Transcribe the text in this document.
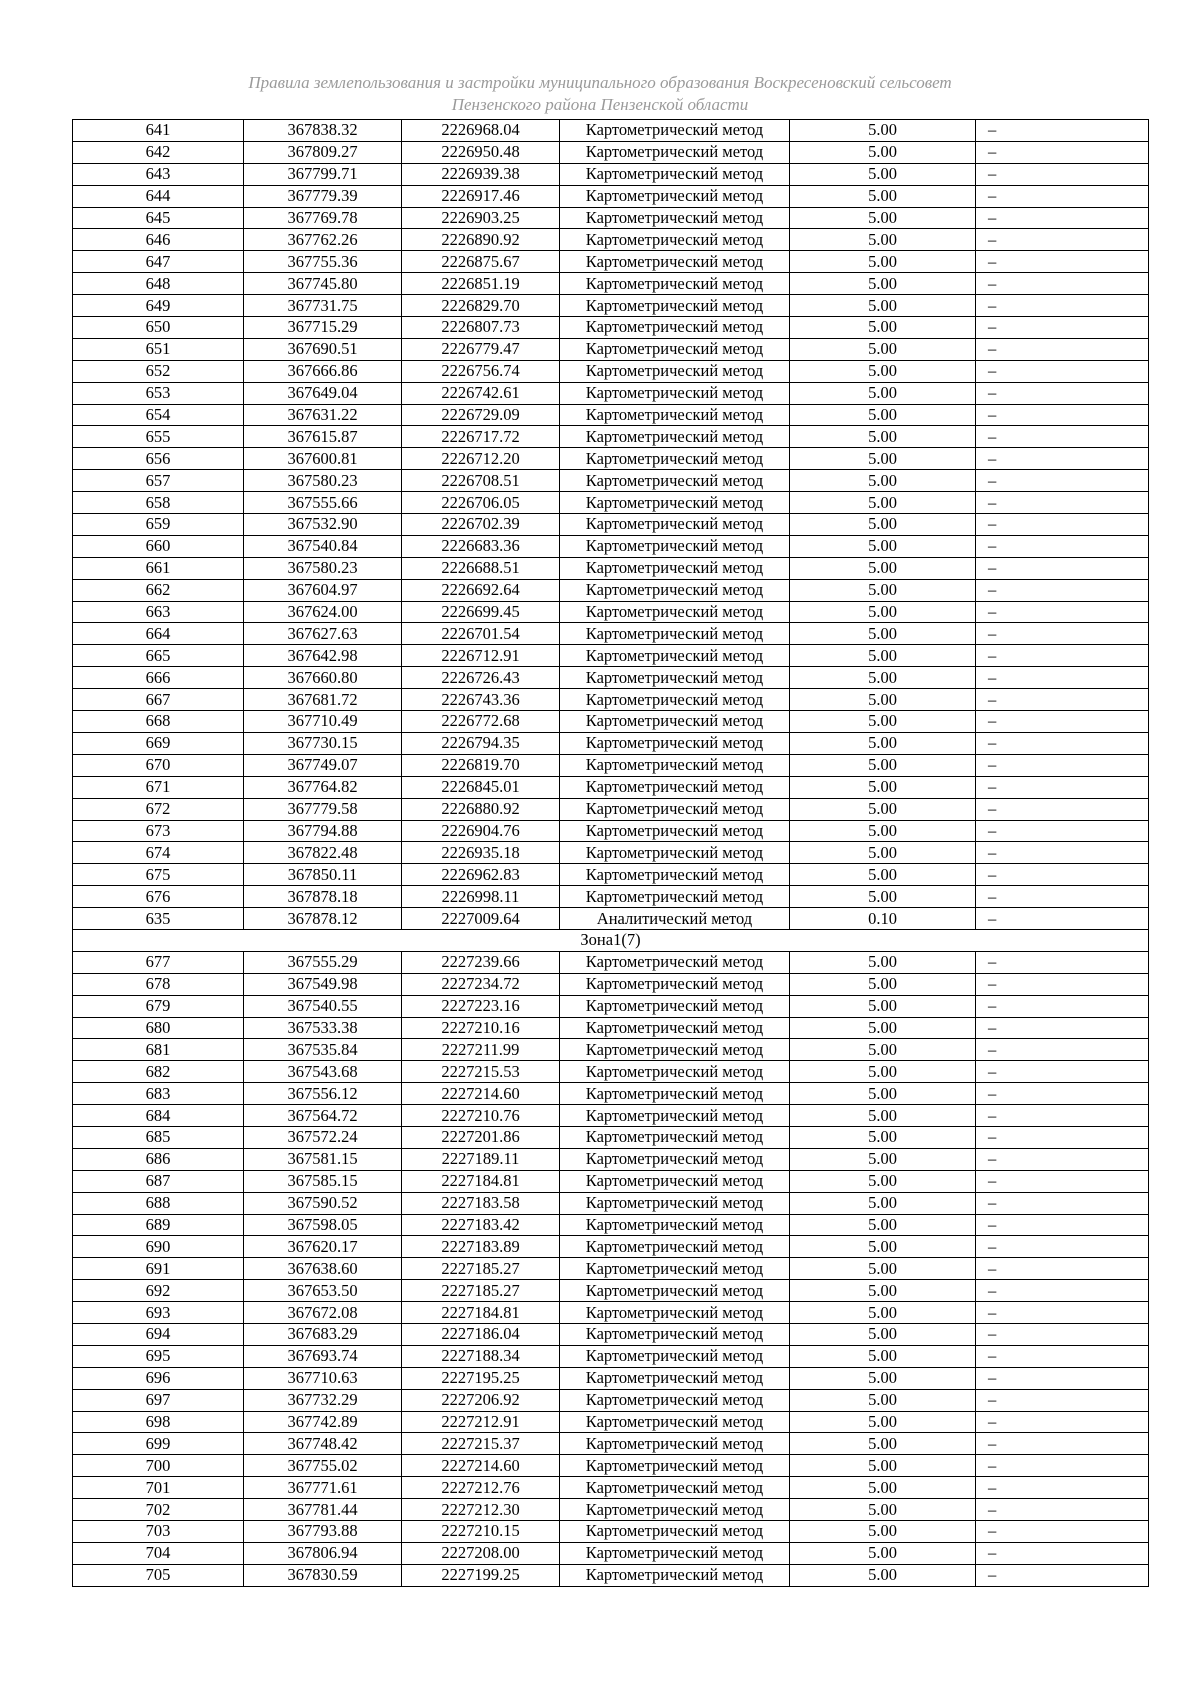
Правила землепользования и застройки муниципального образования Воскресеновский сельсовет
Пензенского района Пензенской области
641	367838.32	2226968.04	Картометрический метод	5.00	–
642	367809.27	2226950.48	Картометрический метод	5.00	–
643	367799.71	2226939.38	Картометрический метод	5.00	–
644	367779.39	2226917.46	Картометрический метод	5.00	–
645	367769.78	2226903.25	Картометрический метод	5.00	–
646	367762.26	2226890.92	Картометрический метод	5.00	–
647	367755.36	2226875.67	Картометрический метод	5.00	–
648	367745.80	2226851.19	Картометрический метод	5.00	–
649	367731.75	2226829.70	Картометрический метод	5.00	–
650	367715.29	2226807.73	Картометрический метод	5.00	–
651	367690.51	2226779.47	Картометрический метод	5.00	–
652	367666.86	2226756.74	Картометрический метод	5.00	–
653	367649.04	2226742.61	Картометрический метод	5.00	–
654	367631.22	2226729.09	Картометрический метод	5.00	–
655	367615.87	2226717.72	Картометрический метод	5.00	–
656	367600.81	2226712.20	Картометрический метод	5.00	–
657	367580.23	2226708.51	Картометрический метод	5.00	–
658	367555.66	2226706.05	Картометрический метод	5.00	–
659	367532.90	2226702.39	Картометрический метод	5.00	–
660	367540.84	2226683.36	Картометрический метод	5.00	–
661	367580.23	2226688.51	Картометрический метод	5.00	–
662	367604.97	2226692.64	Картометрический метод	5.00	–
663	367624.00	2226699.45	Картометрический метод	5.00	–
664	367627.63	2226701.54	Картометрический метод	5.00	–
665	367642.98	2226712.91	Картометрический метод	5.00	–
666	367660.80	2226726.43	Картометрический метод	5.00	–
667	367681.72	2226743.36	Картометрический метод	5.00	–
668	367710.49	2226772.68	Картометрический метод	5.00	–
669	367730.15	2226794.35	Картометрический метод	5.00	–
670	367749.07	2226819.70	Картометрический метод	5.00	–
671	367764.82	2226845.01	Картометрический метод	5.00	–
672	367779.58	2226880.92	Картометрический метод	5.00	–
673	367794.88	2226904.76	Картометрический метод	5.00	–
674	367822.48	2226935.18	Картометрический метод	5.00	–
675	367850.11	2226962.83	Картометрический метод	5.00	–
676	367878.18	2226998.11	Картометрический метод	5.00	–
635	367878.12	2227009.64	Аналитический метод	0.10	–
Зона1(7)					
677	367555.29	2227239.66	Картометрический метод	5.00	–
678	367549.98	2227234.72	Картометрический метод	5.00	–
679	367540.55	2227223.16	Картометрический метод	5.00	–
680	367533.38	2227210.16	Картометрический метод	5.00	–
681	367535.84	2227211.99	Картометрический метод	5.00	–
682	367543.68	2227215.53	Картометрический метод	5.00	–
683	367556.12	2227214.60	Картометрический метод	5.00	–
684	367564.72	2227210.76	Картометрический метод	5.00	–
685	367572.24	2227201.86	Картометрический метод	5.00	–
686	367581.15	2227189.11	Картометрический метод	5.00	–
687	367585.15	2227184.81	Картометрический метод	5.00	–
688	367590.52	2227183.58	Картометрический метод	5.00	–
689	367598.05	2227183.42	Картометрический метод	5.00	–
690	367620.17	2227183.89	Картометрический метод	5.00	–
691	367638.60	2227185.27	Картометрический метод	5.00	–
692	367653.50	2227185.27	Картометрический метод	5.00	–
693	367672.08	2227184.81	Картометрический метод	5.00	–
694	367683.29	2227186.04	Картометрический метод	5.00	–
695	367693.74	2227188.34	Картометрический метод	5.00	–
696	367710.63	2227195.25	Картометрический метод	5.00	–
697	367732.29	2227206.92	Картометрический метод	5.00	–
698	367742.89	2227212.91	Картометрический метод	5.00	–
699	367748.42	2227215.37	Картометрический метод	5.00	–
700	367755.02	2227214.60	Картометрический метод	5.00	–
701	367771.61	2227212.76	Картометрический метод	5.00	–
702	367781.44	2227212.30	Картометрический метод	5.00	–
703	367793.88	2227210.15	Картометрический метод	5.00	–
704	367806.94	2227208.00	Картометрический метод	5.00	–
705	367830.59	2227199.25	Картометрический метод	5.00	–
